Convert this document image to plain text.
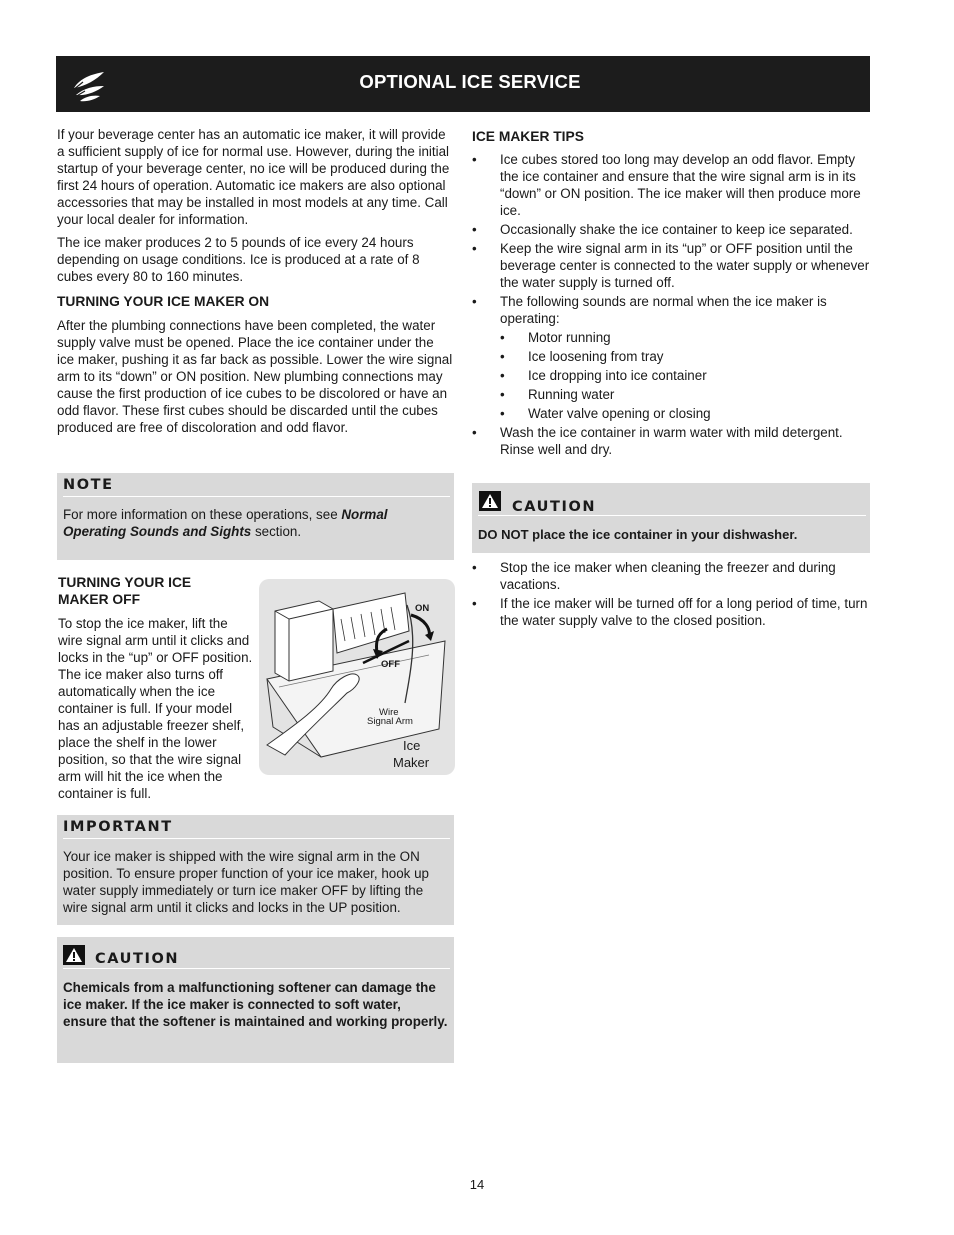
OPTIONAL ICE SERVICE

If your beverage center has an automatic ice maker, it will provide a sufficient supply of ice for normal use. However, during the initial startup of your beverage center, no ice will be produced during the first 24 hours of operation. Automatic ice makers are also optional accessories that may be installed in most models at any time. Call your local dealer for information.

The ice maker produces 2 to 5 pounds of ice every 24 hours depending on usage conditions. Ice is produced at a rate of 8 cubes every 80 to 160 minutes.

TURNING YOUR ICE MAKER ON

After the plumbing connections have been completed, the water supply valve must be opened. Place the ice container under the ice maker, pushing it as far back as possible. Lower the wire signal arm to its “down” or ON position. New plumbing connections may cause the first production of ice cubes to be discolored or have an odd flavor. These first cubes should be discarded until the cubes produced are free of discoloration and odd flavor.

NOTE
For more information on these operations, see Normal Operating Sounds and Sights section.
TURNING YOUR ICE
MAKER OFF

To stop the ice maker, lift the wire signal arm until it clicks and locks in the “up” or OFF position. The ice maker also turns off automatically when the ice container is full. If your model has an adjustable freezer shelf, place the shelf in the lower position, so that the wire signal arm will hit the ice when the container is full.

ON
OFF
Wire
Signal Arm
Ice
Maker
IMPORTANT
Your ice maker is shipped with the wire signal arm in the ON position. To ensure proper function of your ice maker, hook up water supply immediately or turn ice maker OFF by lifting the wire signal arm until it clicks and locks in the UP position.
CAUTION
Chemicals from a malfunctioning softener can damage the ice maker. If the ice maker is connected to soft water, ensure that the softener is maintained and working properly.
ICE MAKER TIPS
• Ice cubes stored too long may develop an odd flavor. Empty the ice container and ensure that the wire signal arm is in its “down” or ON position. The ice maker will then produce more ice.
• Occasionally shake the ice container to keep ice separated.
• Keep the wire signal arm in its “up” or OFF position until the beverage center is connected to the water supply or whenever the water supply is turned off.
• The following sounds are normal when the ice maker is operating:
• Motor running
• Ice loosening from tray
• Ice dropping into ice container
• Running water
• Water valve opening or closing
• Wash the ice container in warm water with mild detergent. Rinse well and dry.
CAUTION
DO NOT place the ice container in your dishwasher.
• Stop the ice maker when cleaning the freezer and during vacations.
• If the ice maker will be turned off for a long period of time, turn the water supply valve to the closed position.
14
